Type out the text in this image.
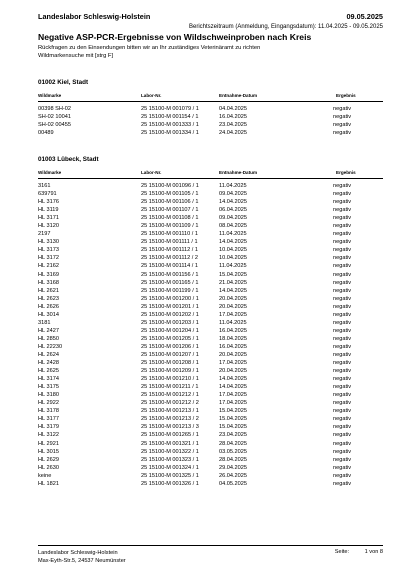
Landeslabor Schleswig-Holstein	09.05.2025
Berichtszeitraum (Anmeldung, Eingangsdatum): 11.04.2025 - 09.05.2025
Negative ASP-PCR-Ergebnisse von Wildschweinproben nach Kreis
Rückfragen zu den Einsendungen bitten wir an Ihr zuständiges Veterinäramt zu richten
Wildmarkensuche mit [strg F]
01002 Kiel, Stadt
Wildmarke	Labor-Nr.	Entnahme-Datum	Ergebnis
00398 SH-02	25 15100-M 001079 / 1	04.04.2025	negativ
SH-02 10041	25 15100-M 001154 / 1	16.04.2025	negativ
SH-02 00455	25 15100-M 001333 / 1	23.04.2025	negativ
00489	25 15100-M 001334 / 1	24.04.2025	negativ
01003 Lübeck, Stadt
Wildmarke	Labor-Nr.	Entnahme-Datum	Ergebnis
3161	25 15100-M 001096 / 1	11.04.2025	negativ
639791	25 15100-M 001105 / 1	09.04.2025	negativ
HL 3176	25 15100-M 001106 / 1	14.04.2025	negativ
HL 3119	25 15100-M 001107 / 1	06.04.2025	negativ
HL 3171	25 15100-M 001108 / 1	09.04.2025	negativ
HL 3120	25 15100-M 001109 / 1	08.04.2025	negativ
2197	25 15100-M 001110 / 1	11.04.2025	negativ
HL 3130	25 15100-M 001111 / 1	14.04.2025	negativ
HL 3173	25 15100-M 001112 / 1	10.04.2025	negativ
HL 3172	25 15100-M 001112 / 2	10.04.2025	negativ
HL 2162	25 15100-M 001114 / 1	11.04.2025	negativ
HL 3169	25 15100-M 001156 / 1	15.04.2025	negativ
HL 3168	25 15100-M 001165 / 1	21.04.2025	negativ
HL 2621	25 15100-M 001199 / 1	14.04.2025	negativ
HL 2623	25 15100-M 001200 / 1	20.04.2025	negativ
HL 2626	25 15100-M 001201 / 1	20.04.2025	negativ
HL 3014	25 15100-M 001202 / 1	17.04.2025	negativ
3181	25 15100-M 001203 / 1	11.04.2025	negativ
HL 2427	25 15100-M 001204 / 1	16.04.2025	negativ
HL 2850	25 15100-M 001205 / 1	18.04.2025	negativ
HL 22230	25 15100-M 001206 / 1	16.04.2025	negativ
HL 2624	25 15100-M 001207 / 1	20.04.2025	negativ
HL 2428	25 15100-M 001208 / 1	17.04.2025	negativ
HL 2625	25 15100-M 001209 / 1	20.04.2025	negativ
HL 3174	25 15100-M 001210 / 1	14.04.2025	negativ
HL 3175	25 15100-M 001211 / 1	14.04.2025	negativ
HL 3180	25 15100-M 001212 / 1	17.04.2025	negativ
HL 2922	25 15100-M 001212 / 2	17.04.2025	negativ
HL 3178	25 15100-M 001213 / 1	15.04.2025	negativ
HL 3177	25 15100-M 001213 / 2	15.04.2025	negativ
HL 3179	25 15100-M 001213 / 3	15.04.2025	negativ
HL 3122	25 15100-M 001265 / 1	23.04.2025	negativ
HL 2921	25 15100-M 001321 / 1	28.04.2025	negativ
HL 3015	25 15100-M 001322 / 1	03.05.2025	negativ
HL 2629	25 15100-M 001323 / 1	28.04.2025	negativ
HL 2630	25 15100-M 001324 / 1	29.04.2025	negativ
keine	25 15100-M 001325 / 1	26.04.2025	negativ
HL 1821	25 15100-M 001326 / 1	04.05.2025	negativ
Landeslabor Schleswig-Holstein
Max-Eyth-Str.5, 24537 Neumünster
Seite:	1 von 8
